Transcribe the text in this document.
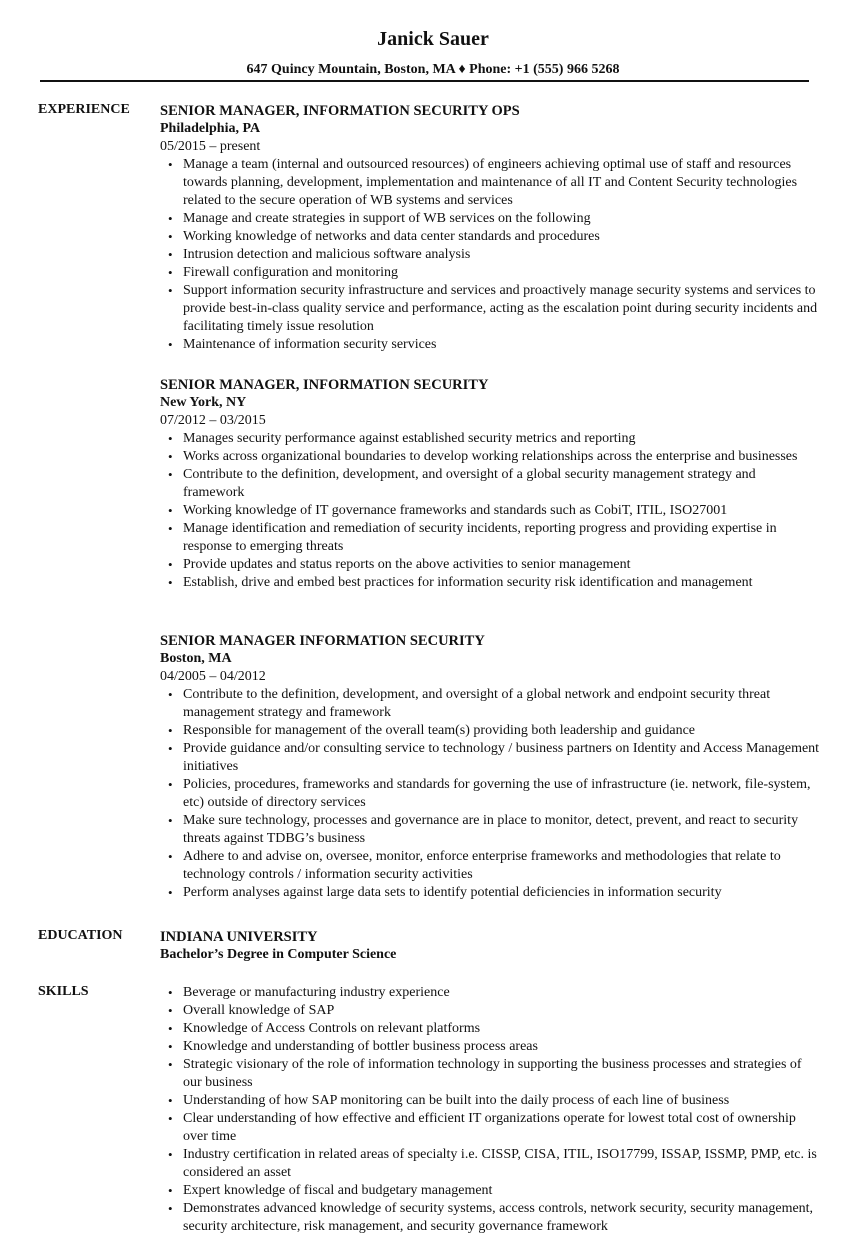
Janick Sauer
647 Quincy Mountain, Boston, MA ♦ Phone: +1 (555) 966 5268
EXPERIENCE SENIOR MANAGER, INFORMATION SECURITY OPS
Philadelphia, PA
05/2015 – present
• Manage a team (internal and outsourced resources) of engineers achieving optimal use of staff and resources towards planning, development, implementation and maintenance of all IT and Content Security technologies related to the secure operation of WB systems and services
• Manage and create strategies in support of WB services on the following
• Working knowledge of networks and data center standards and procedures
• Intrusion detection and malicious software analysis
• Firewall configuration and monitoring
• Support information security infrastructure and services and proactively manage security systems and services to provide best-in-class quality service and performance, acting as the escalation point during security incidents and facilitating timely issue resolution
• Maintenance of information security services
SENIOR MANAGER, INFORMATION SECURITY
New York, NY
07/2012 – 03/2015
• Manages security performance against established security metrics and reporting
• Works across organizational boundaries to develop working relationships across the enterprise and businesses
• Contribute to the definition, development, and oversight of a global security management strategy and framework
• Working knowledge of IT governance frameworks and standards such as CobiT, ITIL, ISO27001
• Manage identification and remediation of security incidents, reporting progress and providing expertise in response to emerging threats
• Provide updates and status reports on the above activities to senior management
• Establish, drive and embed best practices for information security risk identification and management
SENIOR MANAGER INFORMATION SECURITY
Boston, MA
04/2005 – 04/2012
• Contribute to the definition, development, and oversight of a global network and endpoint security threat management strategy and framework
• Responsible for management of the overall team(s) providing both leadership and guidance
• Provide guidance and/or consulting service to technology / business partners on Identity and Access Management initiatives
• Policies, procedures, frameworks and standards for governing the use of infrastructure (ie. network, file-system, etc) outside of directory services
• Make sure technology, processes and governance are in place to monitor, detect, prevent, and react to security threats against TDBG’s business
• Adhere to and advise on, oversee, monitor, enforce enterprise frameworks and methodologies that relate to technology controls / information security activities
• Perform analyses against large data sets to identify potential deficiencies in information security
EDUCATION	INDIANA UNIVERSITY
Bachelor’s Degree in Computer Science
SKILLS
•	Beverage or manufacturing industry experience
• Overall knowledge of SAP
• Knowledge of Access Controls on relevant platforms
• Knowledge and understanding of bottler business process areas
• Strategic visionary of the role of information technology in supporting the business processes and strategies of our business
• Understanding of how SAP monitoring can be built into the daily process of each line of business
• Clear understanding of how effective and efficient IT organizations operate for lowest total cost of ownership over time
• Industry certification in related areas of specialty i.e. CISSP, CISA, ITIL, ISO17799, ISSAP, ISSMP, PMP, etc. is considered an asset
• Expert knowledge of fiscal and budgetary management
• Demonstrates advanced knowledge of security systems, access controls, network security, security management, security architecture, risk management, and security governance framework
